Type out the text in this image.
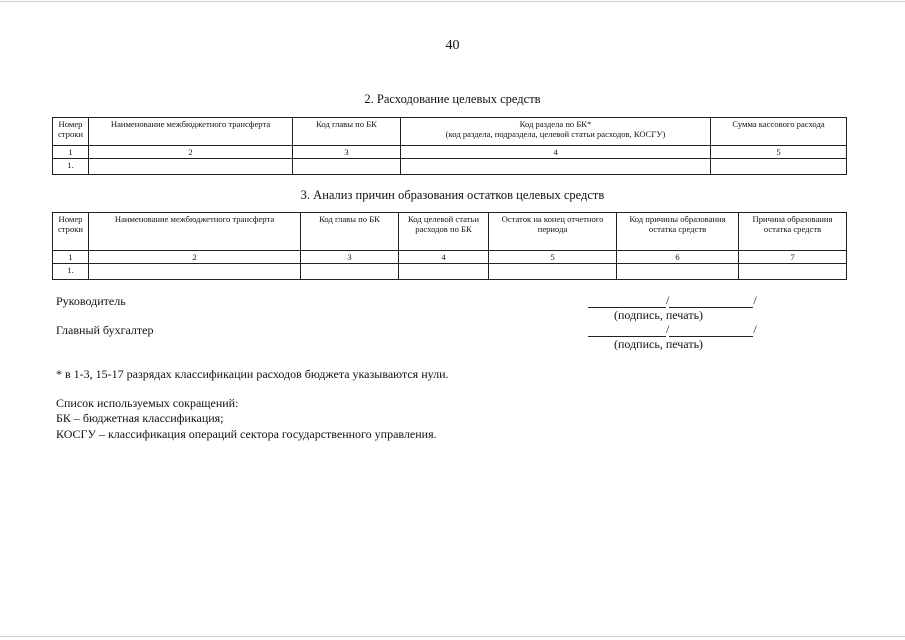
40
2. Расходование целевых средств
Номер строки	Наименование межбюджетного трансферта	Код главы по БК	Код раздела по БК*
(код раздела, подраздела, целевой статьи расходов, КОСГУ)	Сумма кассового расхода
1	2	3	4	5
1.				
3. Анализ причин образования остатков целевых средств
Номер строки	Наименование межбюджетного трансферта	Код главы по БК	Код целевой статьи расходов по БК	Остаток на конец отчетного периода	Код причины образования остатка средств	Причина образования остатка средств
1	2	3	4	5	6	7
1.						
Руководитель	/	/
(подпись, печать)
Главный бухгалтер	/	/
(подпись, печать)
* в 1-3, 15-17 разрядах классификации расходов бюджета указываются нули.
Список используемых сокращений:
БК – бюджетная классификация;
КОСГУ – классификация операций сектора государственного управления.
